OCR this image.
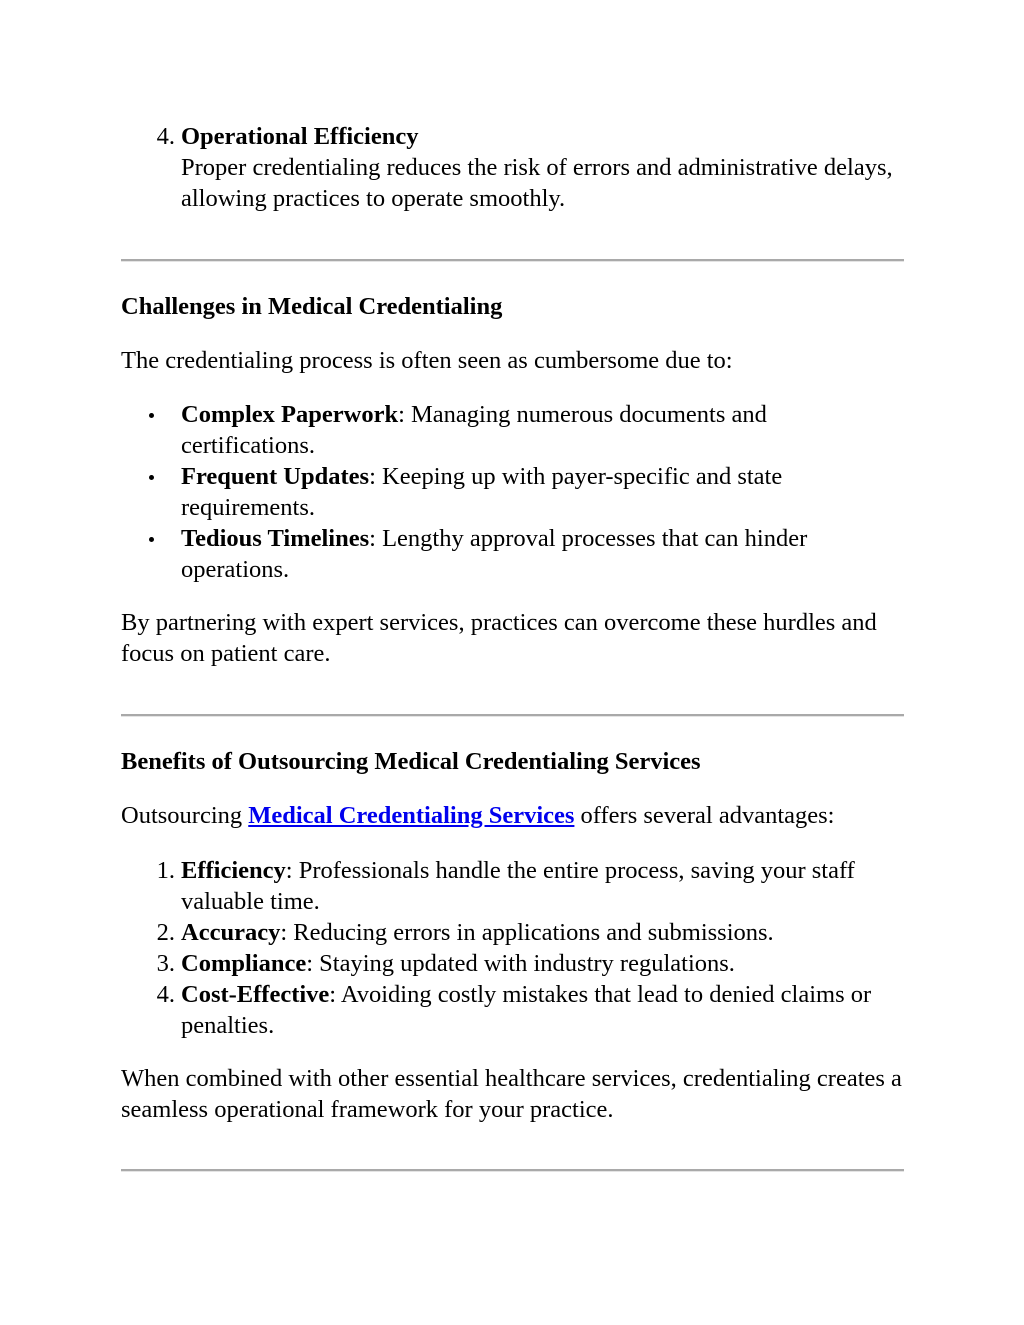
4. Operational Efficiency
Proper credentialing reduces the risk of errors and administrative delays, allowing practices to operate smoothly.
Challenges in Medical Credentialing
The credentialing process is often seen as cumbersome due to:
Complex Paperwork: Managing numerous documents and certifications.
Frequent Updates: Keeping up with payer-specific and state requirements.
Tedious Timelines: Lengthy approval processes that can hinder operations.
By partnering with expert services, practices can overcome these hurdles and focus on patient care.
Benefits of Outsourcing Medical Credentialing Services
Outsourcing Medical Credentialing Services offers several advantages:
1. Efficiency: Professionals handle the entire process, saving your staff valuable time.
2. Accuracy: Reducing errors in applications and submissions.
3. Compliance: Staying updated with industry regulations.
4. Cost-Effective: Avoiding costly mistakes that lead to denied claims or penalties.
When combined with other essential healthcare services, credentialing creates a seamless operational framework for your practice.
